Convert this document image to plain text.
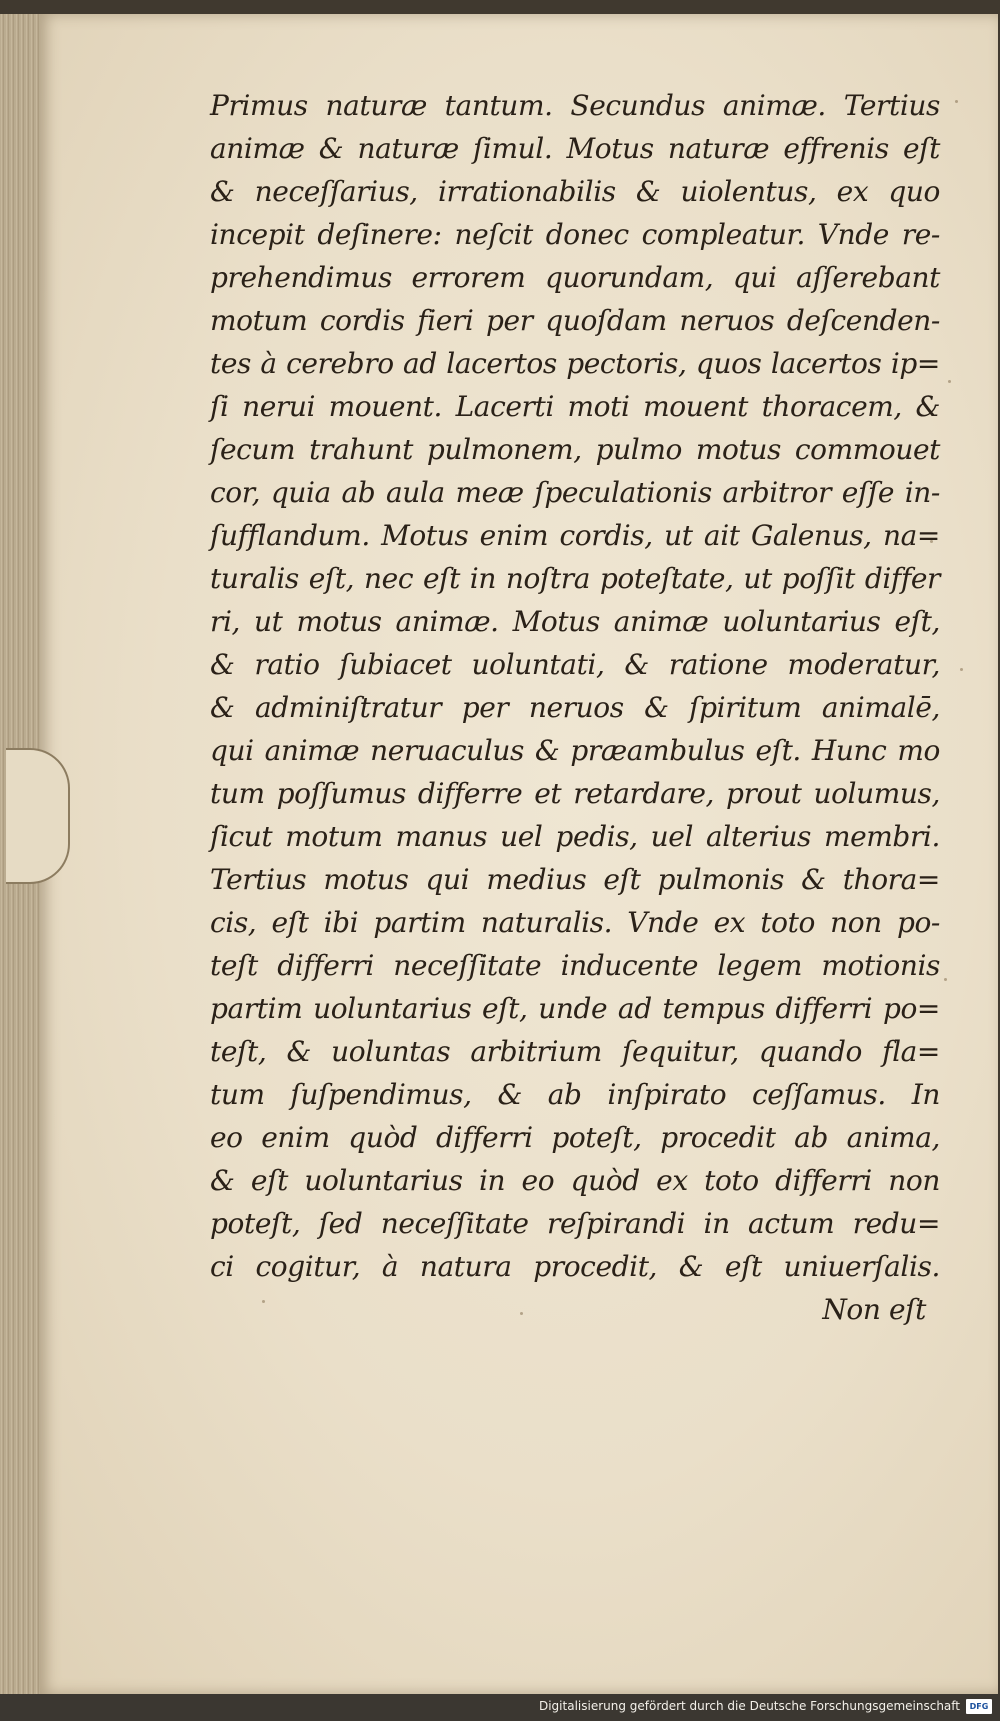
Primus naturæ tantum. Secundus animæ. Tertius
animæ & naturæ ſimul. Motus naturæ effrenis eſt
& neceſſarius, irrationabilis & uiolentus, ex quo
incepit deſinere: neſcit donec compleatur. Vnde re-
prehendimus errorem quorundam, qui aſſerebant
motum cordis fieri per quoſdam neruos deſcenden-
tes à cerebro ad lacertos pectoris, quos lacertos ip=
ſi nerui mouent. Lacerti moti mouent thoracem, &
ſecum trahunt pulmonem, pulmo motus commouet
cor, quia ab aula meæ ſpeculationis arbitror eſſe in-
ſufflandum. Motus enim cordis, ut ait Galenus, na=
turalis eſt, nec eſt in noſtra poteſtate, ut poſſit differ
ri, ut motus animæ. Motus animæ uoluntarius eſt,
& ratio ſubiacet uoluntati, & ratione moderatur,
& adminiſtratur per neruos & ſpiritum animalē,
qui animæ neruaculus & præambulus eſt. Hunc mo
tum poſſumus differre et retardare, prout uolumus,
ſicut motum manus uel pedis, uel alterius membri.
Tertius motus qui medius eſt pulmonis & thora=
cis, eſt ibi partim naturalis. Vnde ex toto non po-
teſt differri neceſſitate inducente legem motionis
partim uoluntarius eſt, unde ad tempus differri po=
teſt, & uoluntas arbitrium ſequitur, quando fla=
tum ſuſpendimus, & ab inſpirato ceſſamus. In
eo enim quòd differri poteſt, procedit ab anima,
& eſt uoluntarius in eo quòd ex toto differri non
poteſt, ſed neceſſitate reſpirandi in actum redu=
ci cogitur, à natura procedit, & eſt uniuerſalis.
Non eſt
Digitalisierung gefördert durch die Deutsche Forschungsgemeinschaft	DFG
